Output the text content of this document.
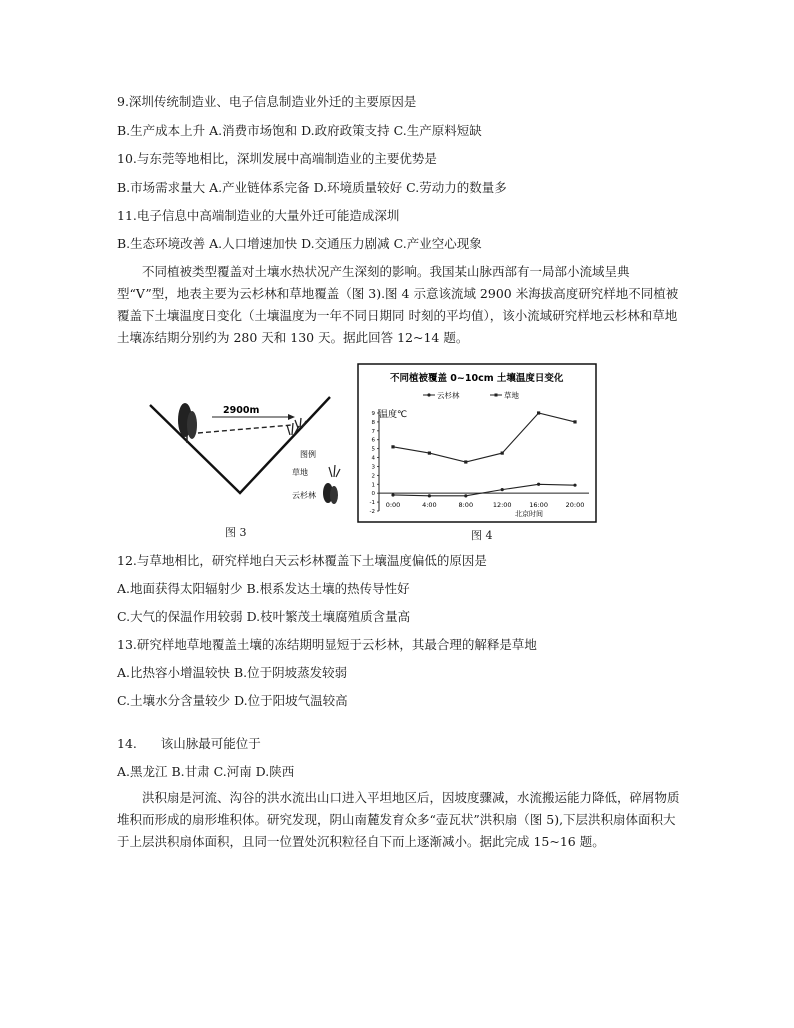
9.深圳传统制造业、电子信息制造业外迁的主要原因是
B.生产成本上升 A.消费市场饱和 D.政府政策支持 C.生产原料短缺
10.与东莞等地相比，深圳发展中高端制造业的主要优势是
B.市场需求量大 A.产业链体系完备 D.环境质量较好 C.劳动力的数量多
11.电子信息中高端制造业的大量外迁可能造成深圳
B.生态环境改善 A.人口增速加快 D.交通压力剧减 C.产业空心现象
不同植被类型覆盖对土壤水热状况产生深刻的影响。我国某山脉西部有一局部小流域呈典型“V”型，地表主要为云杉林和草地覆盖（图 3).图 4 示意该流域 2900 米海拔高度研究样地不同植被覆盖下土壤温度日变化（土壤温度为一年不同日期同 时刻的平均值），该小流域研究样地云杉林和草地土壤冻结期分别约为 280 天和 130 天。据此回答 12~14 题。
2900m
图例
草地
云杉林
图 3
不同植被覆盖 0~10cm 土壤温度日变化
云杉林	草地
温度℃
北京时间
9
8
7
6
5
4
3
2
1
0
-1
-2
0:00	4:00	8:00	12:00	16:00	20:00
图 4
12.与草地相比，研究样地白天云杉林覆盖下土壤温度偏低的原因是
A.地面获得太阳辐射少 B.根系发达土壤的热传导性好
C.大气的保温作用较弱 D.枝叶繁茂土壤腐殖质含量高
13.研究样地草地覆盖土壤的冻结期明显短于云杉林，其最合理的解释是草地
A.比热容小增温较快 B.位于阴坡蒸发较弱
C.土壤水分含量较少 D.位于阳坡气温较高
14.      该山脉最可能位于
A.黑龙江 B.甘肃 C.河南 D.陕西
洪积扇是河流、沟谷的洪水流出山口进入平坦地区后，因坡度骤减，水流搬运能力降低，碎屑物质堆积而形成的扇形堆积体。研究发现，阴山南麓发育众多“壶瓦状”洪积扇（图 5),下层洪积扇体面积大于上层洪积扇体面积，且同一位置处沉积粒径自下而上逐渐减小。据此完成 15~16 题。
